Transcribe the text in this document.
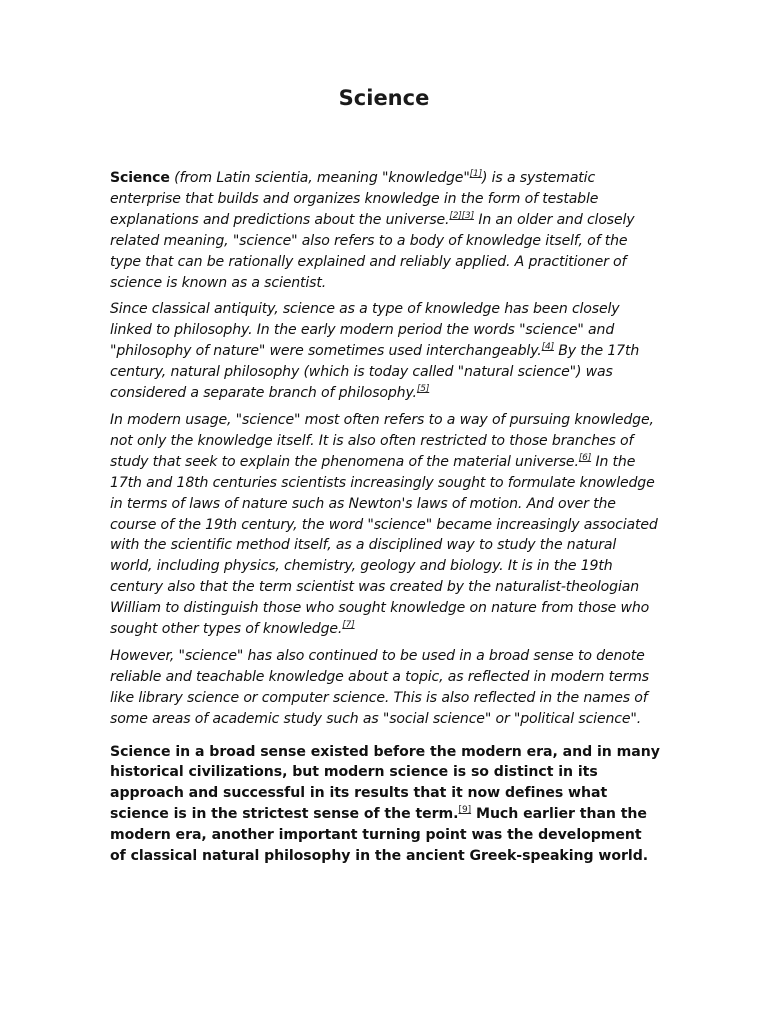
Science

Science (from Latin scientia, meaning "knowledge"[1]) is a systematic enterprise that builds and organizes knowledge in the form of testable explanations and predictions about the universe.[2][3] In an older and closely related meaning, "science" also refers to a body of knowledge itself, of the type that can be rationally explained and reliably applied. A practitioner of science is known as a scientist.

Since classical antiquity, science as a type of knowledge has been closely linked to philosophy. In the early modern period the words "science" and "philosophy of nature" were sometimes used interchangeably.[4] By the 17th century, natural philosophy (which is today called "natural science") was considered a separate branch of philosophy.[5]

In modern usage, "science" most often refers to a way of pursuing knowledge, not only the knowledge itself. It is also often restricted to those branches of study that seek to explain the phenomena of the material universe.[6] In the 17th and 18th centuries scientists increasingly sought to formulate knowledge in terms of laws of nature such as Newton's laws of motion. And over the course of the 19th century, the word "science" became increasingly associated with the scientific method itself, as a disciplined way to study the natural world, including physics, chemistry, geology and biology. It is in the 19th century also that the term scientist was created by the naturalist-theologian William to distinguish those who sought knowledge on nature from those who sought other types of knowledge.[7]

However, "science" has also continued to be used in a broad sense to denote reliable and teachable knowledge about a topic, as reflected in modern terms like library science or computer science. This is also reflected in the names of some areas of academic study such as "social science" or "political science".

Science in a broad sense existed before the modern era, and in many historical civilizations, but modern science is so distinct in its approach and successful in its results that it now defines what science is in the strictest sense of the term.[9] Much earlier than the modern era, another important turning point was the development of classical natural philosophy in the ancient Greek-speaking world.
